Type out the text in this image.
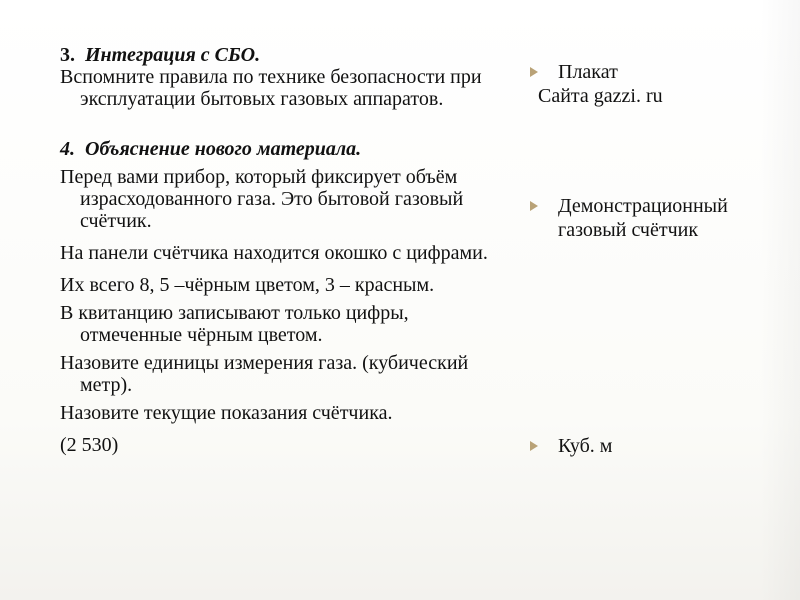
3. Интеграция с СБО.

Вспомните правила по технике безопасности при эксплуатации бытовых газовых аппаратов.

4. Объяснение нового материала.

Перед вами прибор, который фиксирует объём израсходованного газа. Это бытовой газовый счётчик.

На панели счётчика находится окошко с цифрами.

Их всего 8, 5 –чёрным цветом, 3 – красным.

В квитанцию записывают только цифры, отмеченные чёрным цветом.

Назовите единицы измерения газа. (кубический метр).

Назовите текущие показания счётчика.

(2 530)

Плакат
Сайта gazzi. ru
Демонстрационный газовый счётчик
Куб. м
